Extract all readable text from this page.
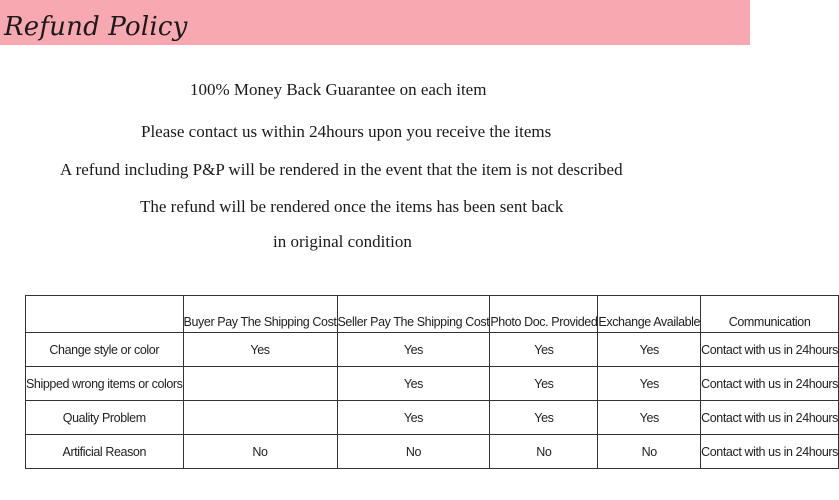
Refund Policy
100% Money Back Guarantee on each item
Please contact us within 24hours upon you receive the items
A refund including P&P will be rendered in the event that the item is not described
The refund will be rendered once the items has been sent back
in original condition
	Buyer Pay The Shipping Cost	Seller Pay The Shipping Cost	Photo Doc. Provided	Exchange Available	Communication
Change style or color	Yes	Yes	Yes	Yes	Contact with us in 24hours
Shipped wrong items or colors		Yes	Yes	Yes	Contact with us in 24hours
Quality Problem		Yes	Yes	Yes	Contact with us in 24hours
Artificial Reason	No	No	No	No	Contact with us in 24hours
